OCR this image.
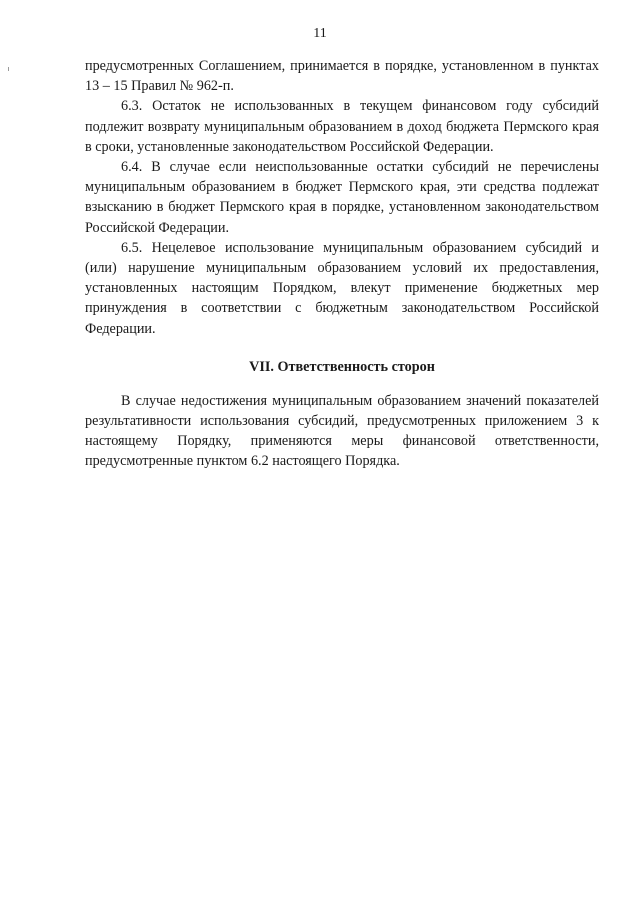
11

предусмотренных Соглашением, принимается в порядке, установленном в пунктах 13 – 15 Правил № 962-п.

6.3. Остаток не использованных в текущем финансовом году субсидий подлежит возврату муниципальным образованием в доход бюджета Пермского края в сроки, установленные законодательством Российской Федерации.

6.4. В случае если неиспользованные остатки субсидий не перечислены муниципальным образованием в бюджет Пермского края, эти средства подлежат взысканию в бюджет Пермского края в порядке, установленном законодательством Российской Федерации.

6.5. Нецелевое использование муниципальным образованием субсидий и (или) нарушение муниципальным образованием условий их предоставления, установленных настоящим Порядком, влекут применение бюджетных мер принуждения в соответствии с бюджетным законодательством Российской Федерации.

VII. Ответственность сторон

В случае недостижения муниципальным образованием значений показателей результативности использования субсидий, предусмотренных приложением 3 к настоящему Порядку, применяются меры финансовой ответственности, предусмотренные пунктом 6.2 настоящего Порядка.
